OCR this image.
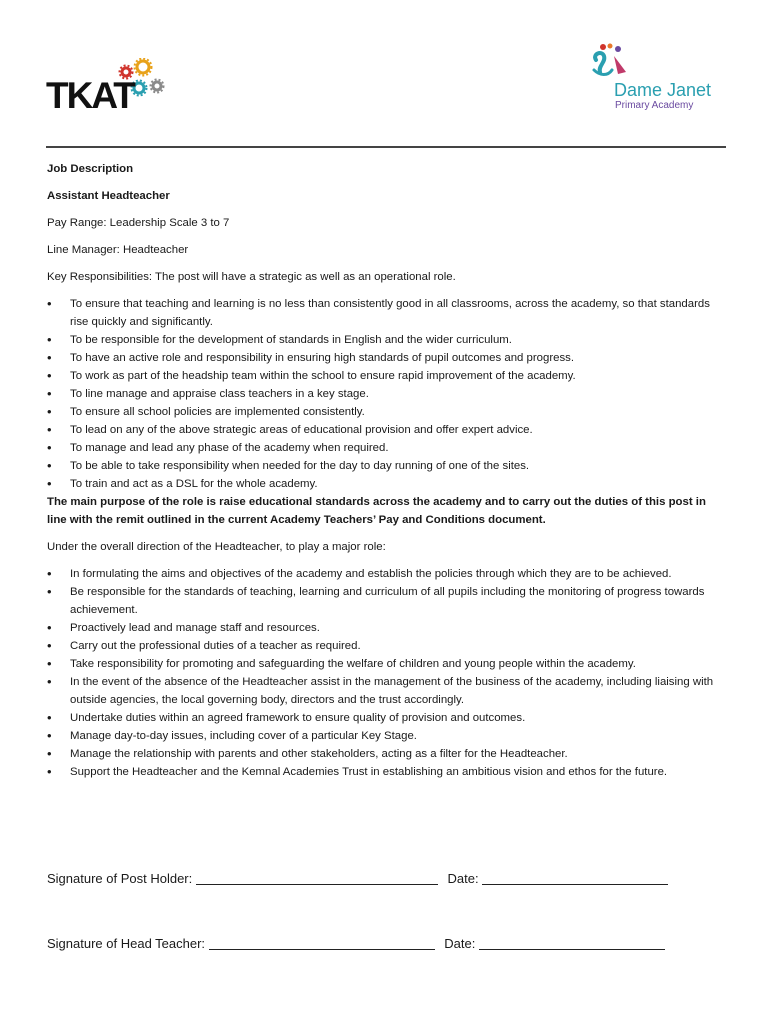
TKAT	Dame Janet
Primary Academy

Job Description

Assistant Headteacher

Pay Range: Leadership Scale 3 to 7

Line Manager: Headteacher

Key Responsibilities: The post will have a strategic as well as an operational role.

• To ensure that teaching and learning is no less than consistently good in all classrooms, across the academy, so that standards rise quickly and significantly.
• To be responsible for the development of standards in English and the wider curriculum.
• To have an active role and responsibility in ensuring high standards of pupil outcomes and progress.
• To work as part of the headship team within the school to ensure rapid improvement of the academy.
• To line manage and appraise class teachers in a key stage.
• To ensure all school policies are implemented consistently.
• To lead on any of the above strategic areas of educational provision and offer expert advice.
• To manage and lead any phase of the academy when required.
• To be able to take responsibility when needed for the day to day running of one of the sites.
• To train and act as a DSL for the whole academy.

The main purpose of the role is raise educational standards across the academy and to carry out the duties of this post in line with the remit outlined in the current Academy Teachers’ Pay and Conditions document.

Under the overall direction of the Headteacher, to play a major role:

• In formulating the aims and objectives of the academy and establish the policies through which they are to be achieved.
• Be responsible for the standards of teaching, learning and curriculum of all pupils including the monitoring of progress towards achievement.
• Proactively lead and manage staff and resources.
• Carry out the professional duties of a teacher as required.
• Take responsibility for promoting and safeguarding the welfare of children and young people within the academy.
• In the event of the absence of the Headteacher assist in the management of the business of the academy, including liaising with outside agencies, the local governing body, directors and the trust accordingly.
• Undertake duties within an agreed framework to ensure quality of provision and outcomes.
• Manage day-to-day issues, including cover of a particular Key Stage.
• Manage the relationship with parents and other stakeholders, acting as a filter for the Headteacher.
• Support the Headteacher and the Kemnal Academies Trust in establishing an ambitious vision and ethos for the future.
Signature of Post Holder:	Date:
Signature of Head Teacher:	Date:
